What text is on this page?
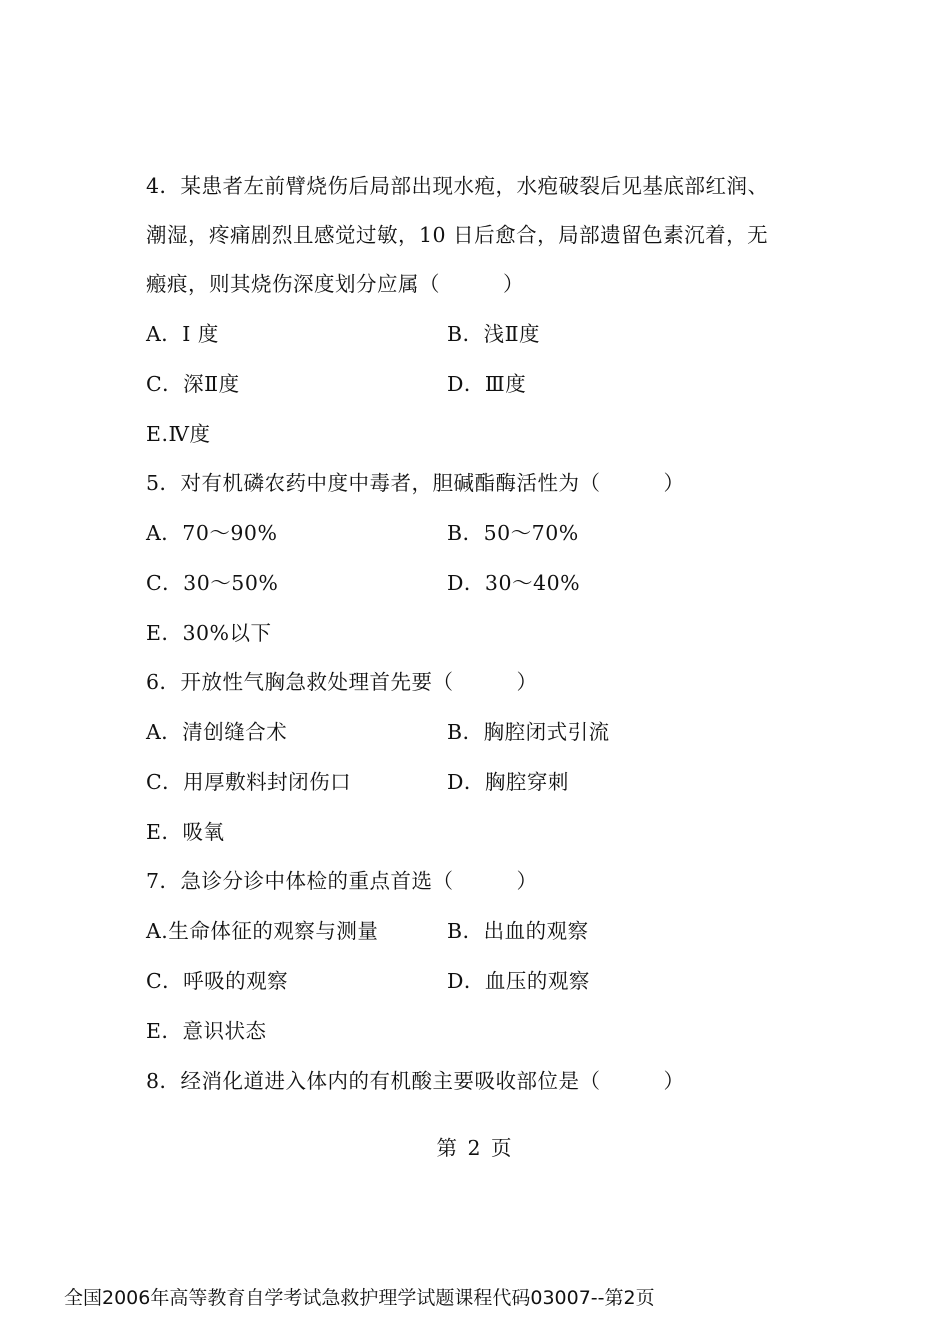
4．某患者左前臂烧伤后局部出现水疱，水疱破裂后见基底部红润、
潮湿，疼痛剧烈且感觉过敏，10 日后愈合，局部遗留色素沉着，无
瘢痕，则其烧伤深度划分应属（　　　）
A．I 度	B．浅Ⅱ度
C．深Ⅱ度	D．Ⅲ度
E.Ⅳ度
5．对有机磷农药中度中毒者，胆碱酯酶活性为（　　　）
A．70～90%	B．50～70%
C．30～50%	D．30～40%
E．30%以下
6．开放性气胸急救处理首先要（　　　）
A．清创缝合术	B．胸腔闭式引流
C．用厚敷料封闭伤口	D．胸腔穿刺
E．吸氧
7．急诊分诊中体检的重点首选（　　　）
A.生命体征的观察与测量	B．出血的观察
C．呼吸的观察	D．血压的观察
E．意识状态
8．经消化道进入体内的有机酸主要吸收部位是（　　　）
第 2 页
全国2006年高等教育自学考试急救护理学试题课程代码03007--第2页
